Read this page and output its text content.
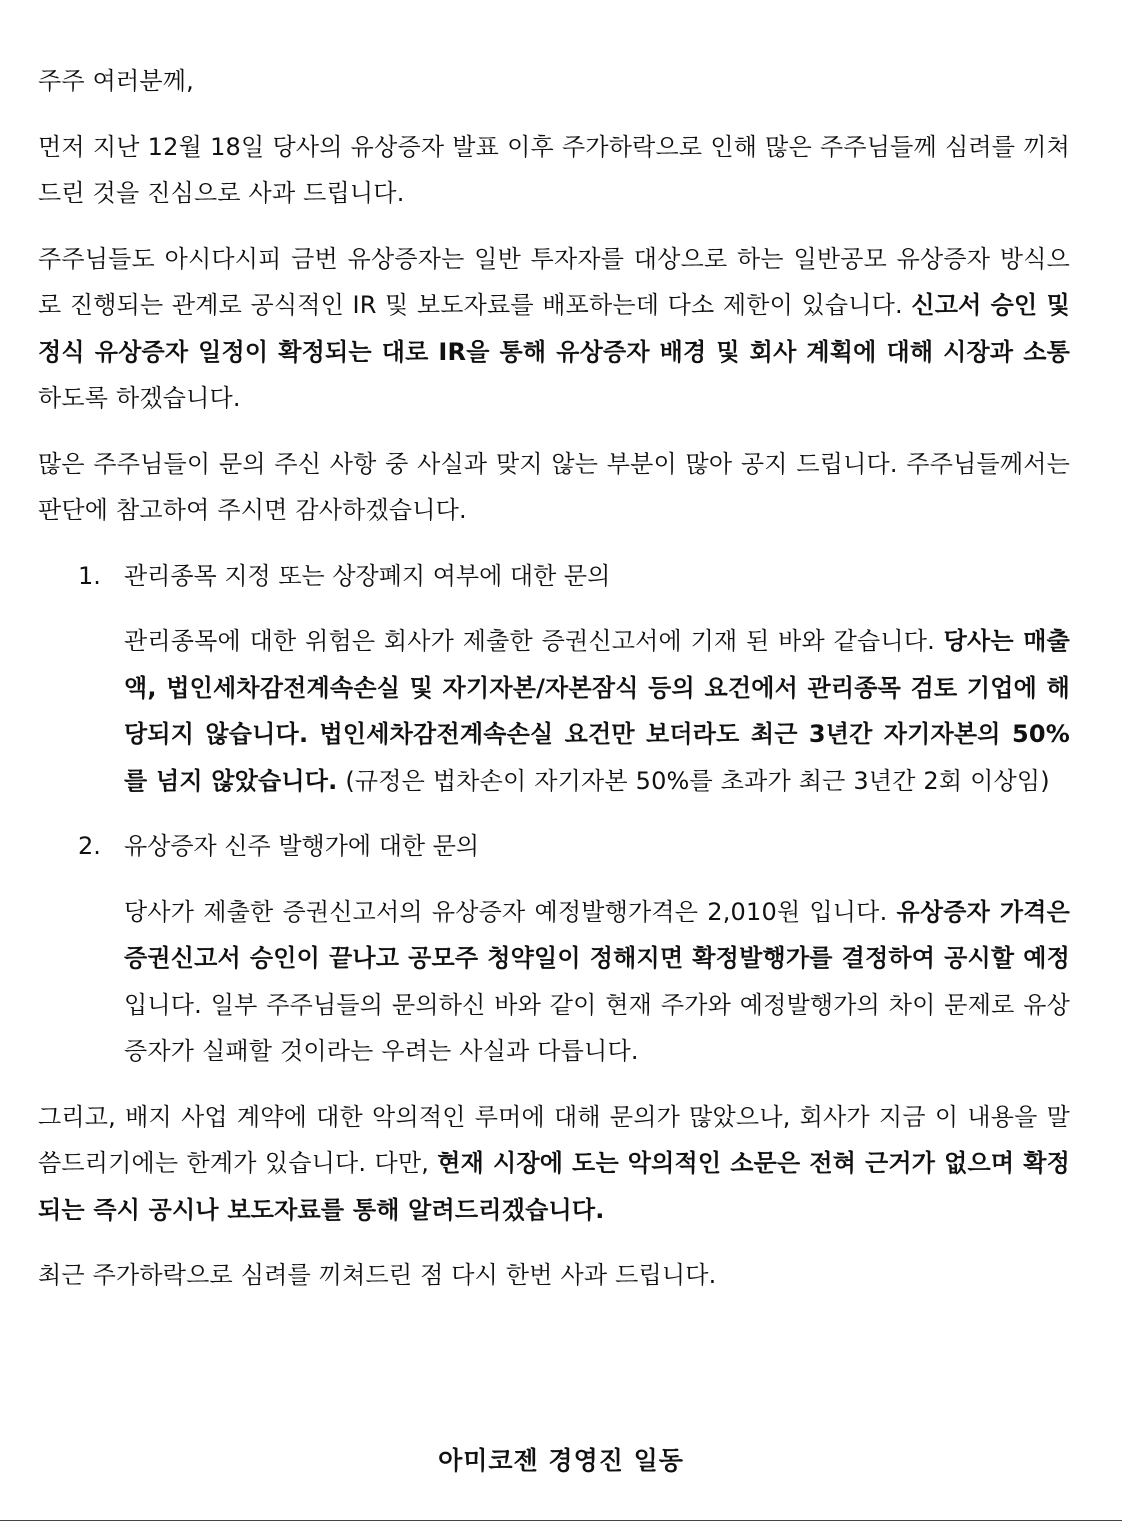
주주 여러분께,

먼저 지난 12월 18일 당사의 유상증자 발표 이후 주가하락으로 인해 많은 주주님들께 심려를 끼쳐 드린 것을 진심으로 사과 드립니다.

주주님들도 아시다시피 금번 유상증자는 일반 투자자를 대상으로 하는 일반공모 유상증자 방식으로 진행되는 관계로 공식적인 IR 및 보도자료를 배포하는데 다소 제한이 있습니다. 신고서 승인 및 정식 유상증자 일정이 확정되는 대로 IR을 통해 유상증자 배경 및 회사 계획에 대해 시장과 소통하도록 하겠습니다.

많은 주주님들이 문의 주신 사항 중 사실과 맞지 않는 부분이 많아 공지 드립니다. 주주님들께서는 판단에 참고하여 주시면 감사하겠습니다.

1. 관리종목 지정 또는 상장폐지 여부에 대한 문의

관리종목에 대한 위험은 회사가 제출한 증권신고서에 기재 된 바와 같습니다. 당사는 매출액, 법인세차감전계속손실 및 자기자본/자본잠식 등의 요건에서 관리종목 검토 기업에 해당되지 않습니다. 법인세차감전계속손실 요건만 보더라도 최근 3년간 자기자본의 50%를 넘지 않았습니다. (규정은 법차손이 자기자본 50%를 초과가 최근 3년간 2회 이상임)

2. 유상증자 신주 발행가에 대한 문의

당사가 제출한 증권신고서의 유상증자 예정발행가격은 2,010원 입니다. 유상증자 가격은 증권신고서 승인이 끝나고 공모주 청약일이 정해지면 확정발행가를 결정하여 공시할 예정 입니다. 일부 주주님들의 문의하신 바와 같이 현재 주가와 예정발행가의 차이 문제로 유상증자가 실패할 것이라는 우려는 사실과 다릅니다.

그리고, 배지 사업 계약에 대한 악의적인 루머에 대해 문의가 많았으나, 회사가 지금 이 내용을 말씀드리기에는 한계가 있습니다. 다만, 현재 시장에 도는 악의적인 소문은 전혀 근거가 없으며 확정되는 즉시 공시나 보도자료를 통해 알려드리겠습니다.

최근 주가하락으로 심려를 끼쳐드린 점 다시 한번 사과 드립니다.

아미코젠 경영진 일동
